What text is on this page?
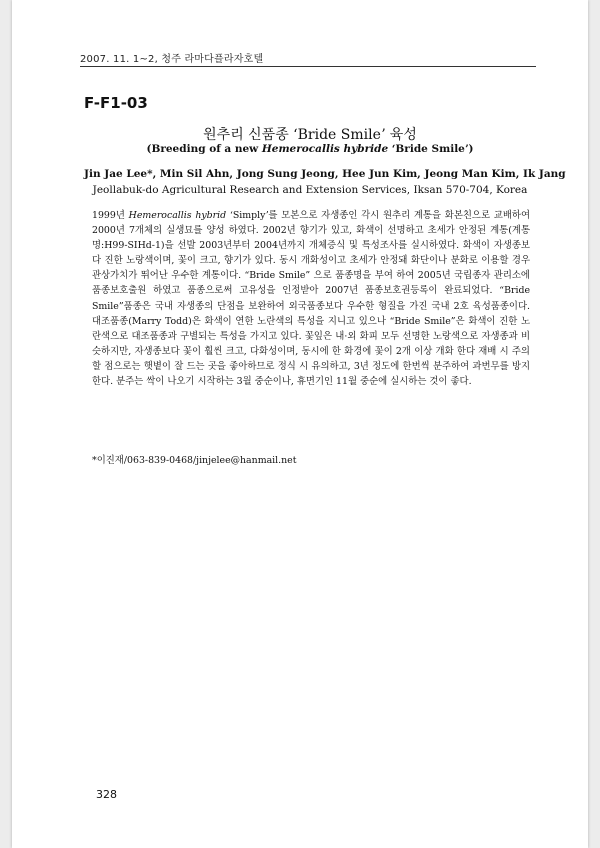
2007. 11. 1~2, 청주 라마다플라자호텔
F-F1-03
원추리 신품종 ʻBride Smileʼ 육성
(Breeding of a new Hemerocallis hybride ʻBride Smileʼ)
Jin Jae Lee*, Min Sil Ahn, Jong Sung Jeong, Hee Jun Kim, Jeong Man Kim, Ik Jang
Jeollabuk-do Agricultural Research and Extension Services, Iksan 570-704, Korea

1999년 Hemerocallis hybrid ʻSimplyʼ를 모본으로 자생종인 각시 원추리 계통을 화본친으로 교배하여 2000년 7개체의 실생묘를 양성 하였다. 2002년 향기가 있고, 화색이 선명하고 초세가 안정된 계통(계통명:H99-SIHd-1)을 선발 2003년부터 2004년까지 개체증식 및 특성조사를 실시하였다. 화색이 자생종보다 진한 노랑색이며, 꽃이 크고, 향기가 있다. 동시 개화성이고 초세가 안정돼 화단이나 분화로 이용할 경우 관상가치가 뛰어난 우수한 계통이다. “Bride Smile” 으로 품종명을 부여 하여 2005년 국립종자 관리소에 품종보호출원 하였고 품종으로써 고유성을 인정받아 2007년 품종보호권등록이 완료되었다. “Bride Smile”품종은 국내 자생종의 단점을 보완하여 외국품종보다 우수한 형질을 가진 국내 2호 육성품종이다. 대조품종(Marry Todd)은 화색이 연한 노란색의 특성을 지니고 있으나 “Bride Smile”은 화색이 진한 노란색으로 대조품종과 구별되는 특성을 가지고 있다. 꽃잎은 내·외 화피 모두 선명한 노랑색으로 자생종과 비슷하지만, 자생종보다 꽃이 훨씬 크고, 다화성이며, 동시에 한 화경에 꽃이 2개 이상 개화 한다 재배 시 주의할 점으로는 햇볕이 잘 드는 곳을 좋아하므로 정식 시 유의하고, 3년 정도에 한번씩 분주하여 과번무를 방지한다. 분주는 싹이 나오기 시작하는 3월 중순이나, 휴면기인 11월 중순에 실시하는 것이 좋다.

*이진재/063-839-0468/jinjelee@hanmail.net
328
